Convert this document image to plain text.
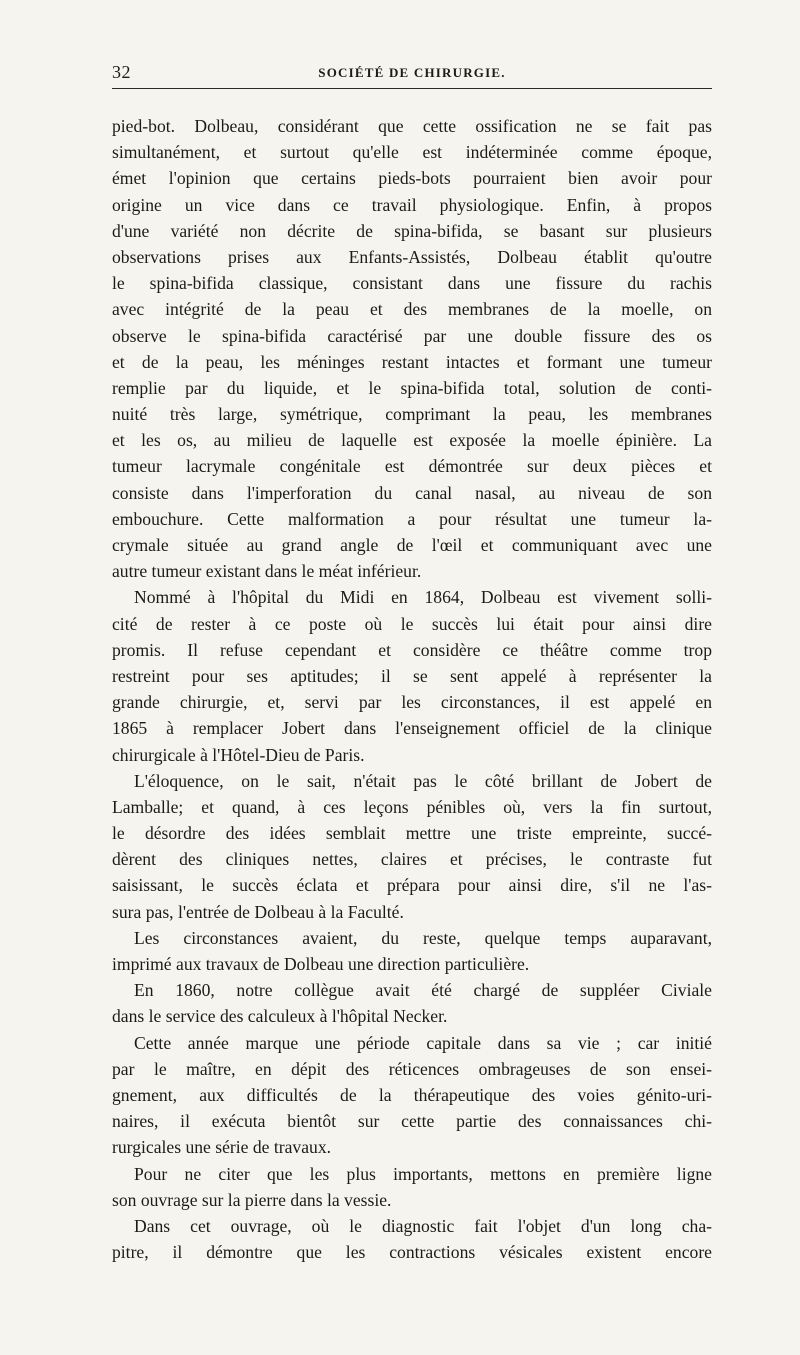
32	SOCIÉTÉ DE CHIRURGIE.
pied-bot. Dolbeau, considérant que cette ossification ne se fait pas
simultanément, et surtout qu'elle est indéterminée comme époque,
émet l'opinion que certains pieds-bots pourraient bien avoir pour
origine un vice dans ce travail physiologique. Enfin, à propos
d'une variété non décrite de spina-bifida, se basant sur plusieurs
observations prises aux Enfants-Assistés, Dolbeau établit qu'outre
le spina-bifida classique, consistant dans une fissure du rachis
avec intégrité de la peau et des membranes de la moelle, on
observe le spina-bifida caractérisé par une double fissure des os
et de la peau, les méninges restant intactes et formant une tumeur
remplie par du liquide, et le spina-bifida total, solution de conti-
nuité très large, symétrique, comprimant la peau, les membranes
et les os, au milieu de laquelle est exposée la moelle épinière. La
tumeur lacrymale congénitale est démontrée sur deux pièces et
consiste dans l'imperforation du canal nasal, au niveau de son
embouchure. Cette malformation a pour résultat une tumeur la-
crymale située au grand angle de l'œil et communiquant avec une
autre tumeur existant dans le méat inférieur.
Nommé à l'hôpital du Midi en 1864, Dolbeau est vivement solli-
cité de rester à ce poste où le succès lui était pour ainsi dire
promis. Il refuse cependant et considère ce théâtre comme trop
restreint pour ses aptitudes; il se sent appelé à représenter la
grande chirurgie, et, servi par les circonstances, il est appelé en
1865 à remplacer Jobert dans l'enseignement officiel de la clinique
chirurgicale à l'Hôtel-Dieu de Paris.
L'éloquence, on le sait, n'était pas le côté brillant de Jobert de
Lamballe; et quand, à ces leçons pénibles où, vers la fin surtout,
le désordre des idées semblait mettre une triste empreinte, succé-
dèrent des cliniques nettes, claires et précises, le contraste fut
saisissant, le succès éclata et prépara pour ainsi dire, s'il ne l'as-
sura pas, l'entrée de Dolbeau à la Faculté.
Les circonstances avaient, du reste, quelque temps auparavant,
imprimé aux travaux de Dolbeau une direction particulière.
En 1860, notre collègue avait été chargé de suppléer Civiale
dans le service des calculeux à l'hôpital Necker.
Cette année marque une période capitale dans sa vie ; car initié
par le maître, en dépit des réticences ombrageuses de son ensei-
gnement, aux difficultés de la thérapeutique des voies génito-uri-
naires, il exécuta bientôt sur cette partie des connaissances chi-
rurgicales une série de travaux.
Pour ne citer que les plus importants, mettons en première ligne
son ouvrage sur la pierre dans la vessie.
Dans cet ouvrage, où le diagnostic fait l'objet d'un long cha-
pitre, il démontre que les contractions vésicales existent encore
